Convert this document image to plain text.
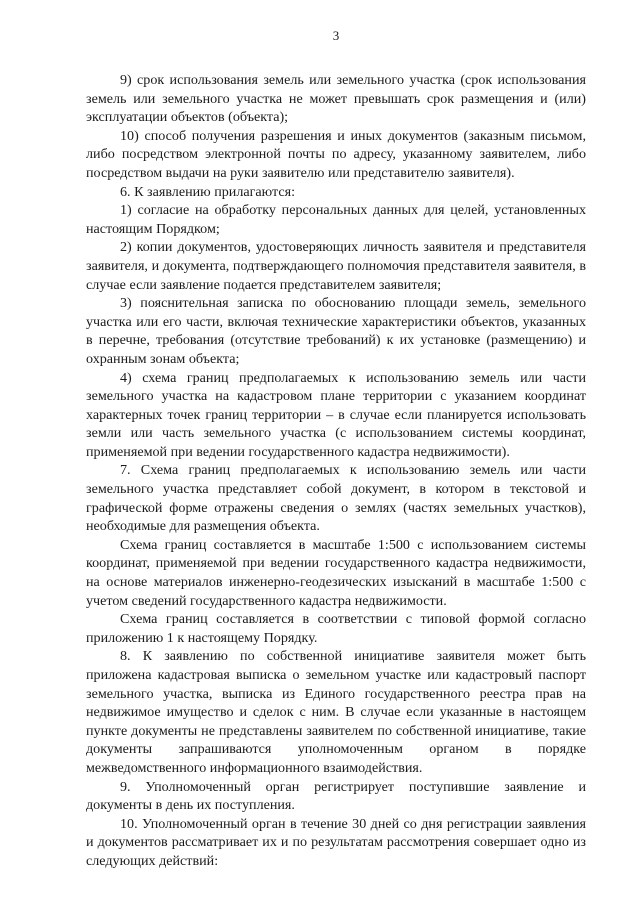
3

9) срок использования земель или земельного участка (срок использования земель или земельного участка не может превышать срок размещения и (или) эксплуатации объектов (объекта);

10) способ получения разрешения и иных документов (заказным письмом, либо посредством электронной почты по адресу, указанному заявителем, либо посредством выдачи на руки заявителю или представителю заявителя).

6. К заявлению прилагаются:

1) согласие на обработку персональных данных для целей, установленных настоящим Порядком;

2) копии документов, удостоверяющих личность заявителя и представителя заявителя, и документа, подтверждающего полномочия представителя заявителя, в случае если заявление подается представителем заявителя;

3) пояснительная записка по обоснованию площади земель, земельного участка или его части, включая технические характеристики объектов, указанных в перечне, требования (отсутствие требований) к их установке (размещению) и охранным зонам объекта;

4) схема границ предполагаемых к использованию земель или части земельного участка на кадастровом плане территории с указанием координат характерных точек границ территории – в случае если планируется использовать земли или часть земельного участка (с использованием системы координат, применяемой при ведении государственного кадастра недвижимости).

7. Схема границ предполагаемых к использованию земель или части земельного участка представляет собой документ, в котором в текстовой и графической форме отражены сведения о землях (частях земельных участков), необходимые для размещения объекта.

Схема границ составляется в масштабе 1:500 с использованием системы координат, применяемой при ведении государственного кадастра недвижимости, на основе материалов инженерно-геодезических изысканий в масштабе 1:500 с учетом сведений государственного кадастра недвижимости.

Схема границ составляется в соответствии с типовой формой согласно приложению 1 к настоящему Порядку.

8. К заявлению по собственной инициативе заявителя может быть приложена кадастровая выписка о земельном участке или кадастровый паспорт земельного участка, выписка из Единого государственного реестра прав на недвижимое имущество и сделок с ним. В случае если указанные в настоящем пункте документы не представлены заявителем по собственной инициативе, такие документы запрашиваются уполномоченным органом в порядке межведомственного информационного взаимодействия.

9. Уполномоченный орган регистрирует поступившие заявление и документы в день их поступления.

10. Уполномоченный орган в течение 30 дней со дня регистрации заявления и документов рассматривает их и по результатам рассмотрения совершает одно из следующих действий:
